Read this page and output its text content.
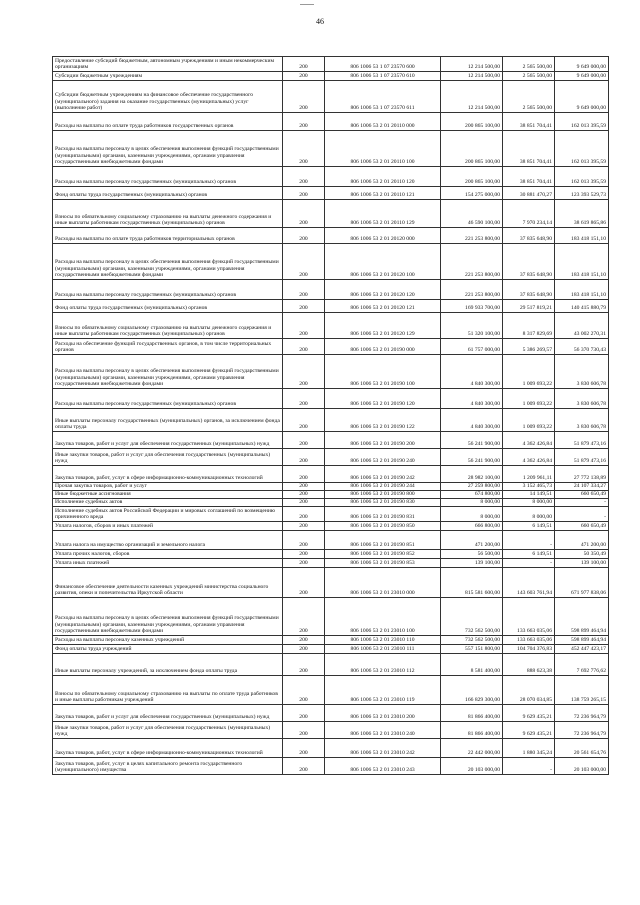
46
Предоставление субсидий бюджетным, автономным учреждениям и иным некоммерческим организациям	200	806 1006 53 1 07 23570 600	12 214 500,00	2 565 500,00	9 649 000,00
Субсидии бюджетным учреждениям	200	806 1006 53 1 07 23570 610	12 214 500,00	2 565 500,00	9 649 000,00
Субсидии бюджетным учреждениям на финансовое обеспечение государственного (муниципального) задания на оказание государственных (муниципальных) услуг (выполнение работ)	200	806 1006 53 1 07 23570 611	12 214 500,00	2 565 500,00	9 649 000,00
Расходы на выплаты по оплате труда работников государственных органов	200	806 1006 53 2 01 20110 000	200 865 100,00	38 851 704,41	162 013 395,59
Расходы на выплаты персоналу в целях обеспечения выполнения функций государственными (муниципальными) органами, казенными учреждениями, органами управления государственными внебюджетными фондами	200	806 1006 53 2 01 20110 100	200 865 100,00	38 851 704,41	162 013 395,59
Расходы на выплаты персоналу государственных (муниципальных) органов	200	806 1006 53 2 01 20110 120	200 865 100,00	38 851 704,41	162 013 395,59
Фонд оплаты труда государственных (муниципальных) органов	200	806 1006 53 2 01 20110 121	154 275 000,00	30 881 470,27	123 393 529,73
Взносы по обязательному социальному страхованию на выплаты денежного содержания и иные выплаты работникам государственных (муниципальных) органов	200	806 1006 53 2 01 20110 129	46 590 100,00	7 970 234,14	38 619 865,86
Расходы на выплаты по оплате труда работников территориальных органов	200	806 1006 53 2 01 20120 000	221 253 800,00	37 835 648,90	183 418 151,10
Расходы на выплаты персоналу в целях обеспечения выполнения функций государственными (муниципальными) органами, казенными учреждениями, органами управления государственными внебюджетными фондами	200	806 1006 53 2 01 20120 100	221 253 800,00	37 835 648,90	183 418 151,10
Расходы на выплаты персоналу государственных (муниципальных) органов	200	806 1006 53 2 01 20120 120	221 253 800,00	37 835 648,90	183 418 151,10
Фонд оплаты труда государственных (муниципальных) органов	200	806 1006 53 2 01 20120 121	169 933 700,00	29 517 819,21	140 415 880,79
Взносы по обязательному социальному страхованию на выплаты денежного содержания и иные выплаты работникам государственных (муниципальных) органов	200	806 1006 53 2 01 20120 129	51 320 100,00	8 317 829,69	43 002 270,31
Расходы на обеспечение функций государственных органов, в том числе территориальных органов	200	806 1006 53 2 01 20190 000	61 757 000,00	5 386 269,57	56 370 730,43
Расходы на выплаты персоналу в целях обеспечения выполнения функций государственными (муниципальными) органами, казенными учреждениями, органами управления государственными внебюджетными фондами	200	806 1006 53 2 01 20190 100	4 840 300,00	1 009 693,22	3 830 606,78
Расходы на выплаты персоналу государственных (муниципальных) органов	200	806 1006 53 2 01 20190 120	4 840 300,00	1 009 693,22	3 830 606,78
Иные выплаты персоналу государственных (муниципальных) органов, за исключением фонда оплаты труда	200	806 1006 53 2 01 20190 122	4 840 300,00	1 009 693,22	3 830 606,78
Закупка товаров, работ и услуг для обеспечения государственных (муниципальных) нужд	200	806 1006 53 2 01 20190 200	56 241 900,00	4 362 426,84	51 879 473,16
Иные закупки товаров, работ и услуг для обеспечения государственных (муниципальных) нужд	200	806 1006 53 2 01 20190 240	56 241 900,00	4 362 426,84	51 879 473,16
Закупка товаров, работ, услуг в сфере информационно-коммуникационных технологий	200	806 1006 53 2 01 20190 242	28 982 100,00	1 209 961,11	27 772 138,89
Прочая закупка товаров, работ и услуг	200	806 1006 53 2 01 20190 244	27 259 800,00	3 152 465,73	24 107 334,27
Иные бюджетные ассигнования	200	806 1006 53 2 01 20190 800	674 800,00	14 149,51	660 650,49
Исполнение судебных актов	200	806 1006 53 2 01 20190 830	8 000,00	8 000,00	-
Исполнение судебных актов Российской Федерации и мировых соглашений по возмещению причиненного вреда	200	806 1006 53 2 01 20190 831	8 000,00	8 000,00	-
Уплата налогов, сборов и иных платежей	200	806 1006 53 2 01 20190 850	666 800,00	6 149,51	660 650,49
Уплата налога на имущество организаций и земельного налога	200	806 1006 53 2 01 20190 851	471 200,00	-	471 200,00
Уплата прочих налогов, сборов	200	806 1006 53 2 01 20190 852	56 500,00	6 149,51	50 350,49
Уплата иных платежей	200	806 1006 53 2 01 20190 853	139 100,00	-	139 100,00
Финансовое обеспечение деятельности казенных учреждений министерства социального развития, опеки и попечительства Иркутской области	200	806 1006 53 2 01 23010 000	815 581 600,00	143 603 761,94	671 977 838,06
Расходы на выплаты персоналу в целях обеспечения выполнения функций государственными (муниципальными) органами, казенными учреждениями, органами управления государственными внебюджетными фондами	200	806 1006 53 2 01 23010 100	732 562 500,00	133 663 035,06	598 899 464,94
Расходы на выплаты персоналу казенных учреждений	200	806 1006 53 2 01 23010 110	732 562 500,00	133 663 035,06	598 899 464,94
Фонд оплаты труда учреждений	200	806 1006 53 2 01 23010 111	557 151 800,00	104 704 376,83	452 447 423,17
Иные выплаты персоналу учреждений, за исключением фонда оплаты труда	200	806 1006 53 2 01 23010 112	8 581 400,00	888 623,38	7 692 776,62
Взносы по обязательному социальному страхованию на выплаты по оплате труда работников и иные выплаты работникам учреждений	200	806 1006 53 2 01 23010 119	166 829 300,00	28 070 034,85	138 759 265,15
Закупка товаров, работ и услуг для обеспечения государственных (муниципальных) нужд	200	806 1006 53 2 01 23010 200	81 866 400,00	9 629 435,21	72 236 964,79
Иные закупки товаров, работ и услуг для обеспечения государственных (муниципальных) нужд	200	806 1006 53 2 01 23010 240	81 866 400,00	9 629 435,21	72 236 964,79
Закупка товаров, работ, услуг в сфере информационно-коммуникационных технологий	200	806 1006 53 2 01 23010 242	22 442 000,00	1 880 345,24	20 561 654,76
Закупка товаров, работ, услуг в целях капитального ремонта государственного (муниципального) имущества	200	806 1006 53 2 01 23010 243	20 103 000,00	-	20 103 000,00
